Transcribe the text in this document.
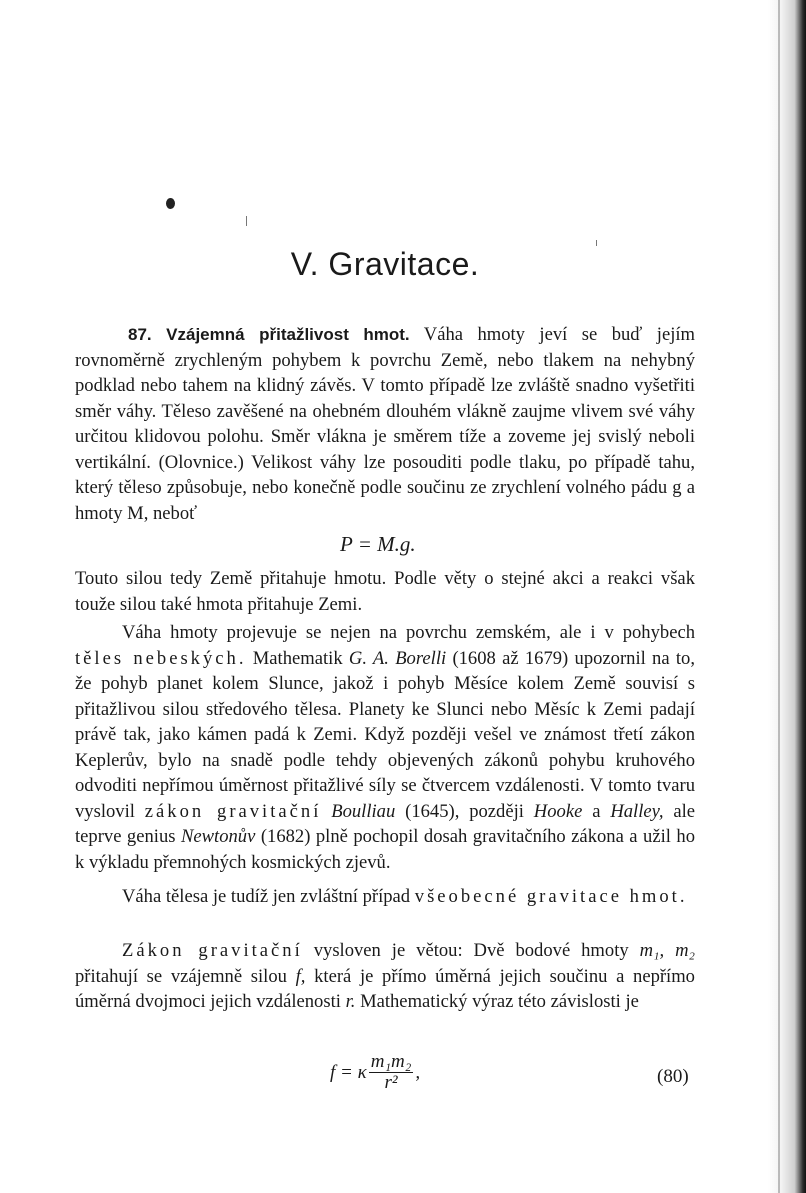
V. Gravitace.

87. Vzájemná přitažlivost hmot. Váha hmoty jeví se buď jejím rovnoměrně zrychleným pohybem k povrchu Země, nebo tlakem na nehybný podklad nebo tahem na klidný závěs. V tomto případě lze zvláště snadno vyšetřiti směr váhy. Těleso zavěšené na ohebném dlouhém vlákně zaujme vlivem své váhy určitou klidovou polohu. Směr vlákna je směrem tíže a zoveme jej svislý neboli vertikální. (Olovnice.) Velikost váhy lze posouditi podle tlaku, po případě tahu, který těleso způsobuje, nebo konečně podle součinu ze zrychlení volného pádu g a hmoty M, neboť

P = M.g.

Touto silou tedy Země přitahuje hmotu. Podle věty o stejné akci a reakci však touže silou také hmota přitahuje Zemi.

Váha hmoty projevuje se nejen na povrchu zemském, ale i v pohybech těles nebeských. Mathematik G. A. Borelli (1608 až 1679) upozornil na to, že pohyb planet kolem Slunce, jakož i pohyb Měsíce kolem Země souvisí s přitažlivou silou středového tělesa. Planety ke Slunci nebo Měsíc k Zemi padají právě tak, jako kámen padá k Zemi. Když později vešel ve známost třetí zákon Keplerův, bylo na snadě podle tehdy objevených zákonů pohybu kruhového odvoditi nepřímou úměrnost přitažlivé síly se čtvercem vzdálenosti. V tomto tvaru vyslovil zákon gravitační Boulliau (1645), později Hooke a Halley, ale teprve genius Newtonův (1682) plně pochopil dosah gravitačního zákona a užil ho k výkladu přemnohých kosmických zjevů.

Váha tělesa je tudíž jen zvláštní případ všeobecné gravitace hmot.

Zákon gravitační vysloven je větou: Dvě bodové hmoty m₁, m₂ přitahují se vzájemně silou f, která je přímo úměrná jejich součinu a nepřímo úměrná dvojmoci jejich vzdálenosti r. Mathematický výraz této závislosti je

f = κ $\frac{\text{m₁m₂}}{\text{r²}}$ ,	(80)
